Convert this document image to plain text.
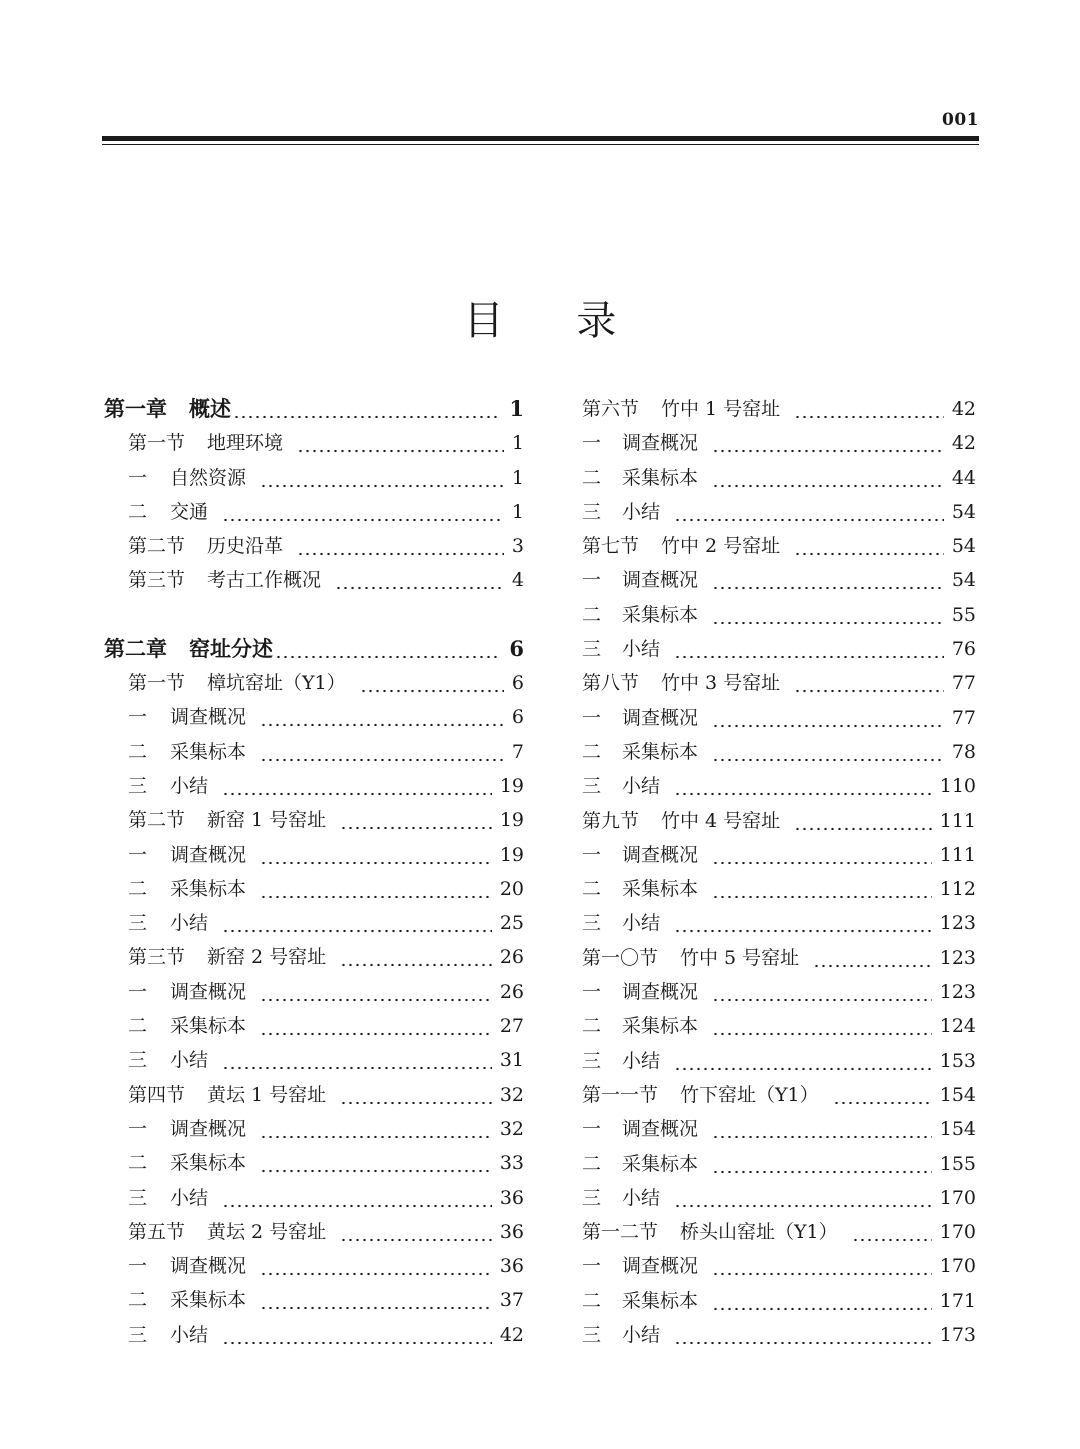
001
目 录
第一章 概述	1
第一节 地理环境	1
一	自然资源	1
二	交通	1
第二节 历史沿革	3
第三节 考古工作概况	4
第二章 窑址分述	6
第一节 樟坑窑址（Y1）	6
一	调查概况	6
二	采集标本	7
三	小结	19
第二节 新窑 1 号窑址	19
一	调查概况	19
二	采集标本	20
三	小结	25
第三节 新窑 2 号窑址	26
一	调查概况	26
二	采集标本	27
三	小结	31
第四节 黄坛 1 号窑址	32
一	调查概况	32
二	采集标本	33
三	小结	36
第五节 黄坛 2 号窑址	36
一	调查概况	36
二	采集标本	37
三	小结	42
第六节 竹中 1 号窑址	42
一	调查概况	42
二	采集标本	44
三	小结	54
第七节 竹中 2 号窑址	54
一	调查概况	54
二	采集标本	55
三	小结	76
第八节 竹中 3 号窑址	77
一	调查概况	77
二	采集标本	78
三	小结	110
第九节 竹中 4 号窑址	111
一	调查概况	111
二	采集标本	112
三	小结	123
第一〇节 竹中 5 号窑址	123
一	调查概况	123
二	采集标本	124
三	小结	153
第一一节 竹下窑址（Y1）	154
一	调查概况	154
二	采集标本	155
三	小结	170
第一二节 桥头山窑址（Y1）	170
一	调查概况	170
二	采集标本	171
三	小结	173
